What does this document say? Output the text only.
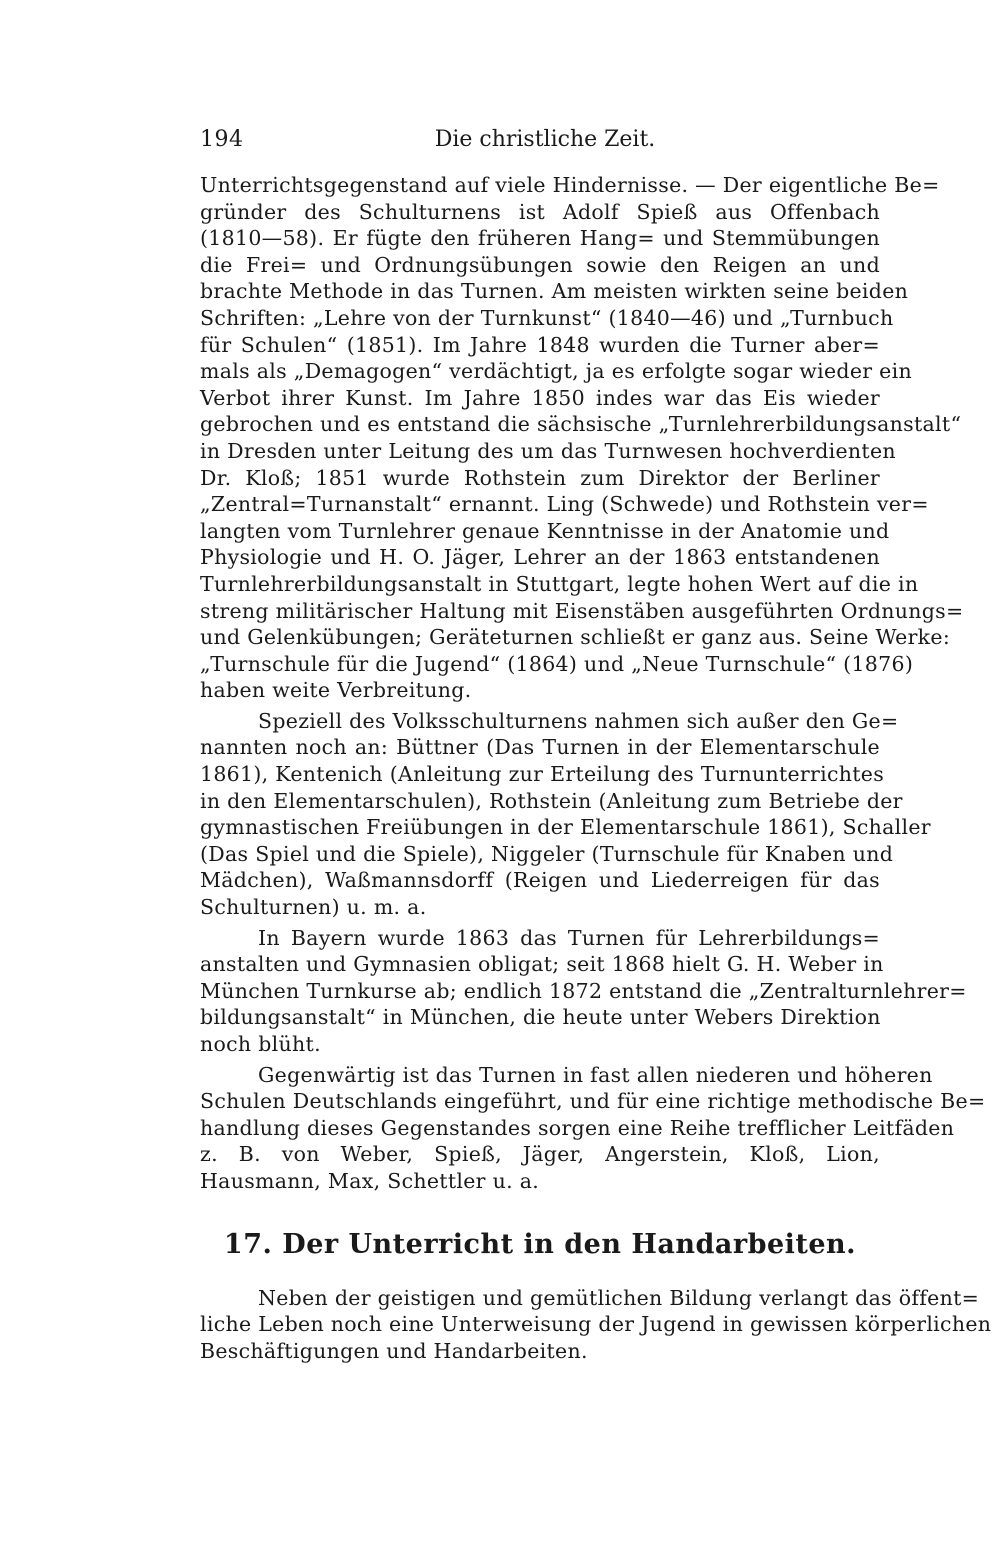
194	Die christliche Zeit.
Unterrichtsgegenstand auf viele Hindernisse. — Der eigentliche Be=
gründer des Schulturnens ist Adolf Spieß aus Offenbach
(1810—58). Er fügte den früheren Hang= und Stemmübungen
die Frei= und Ordnungsübungen sowie den Reigen an und
brachte Methode in das Turnen. Am meisten wirkten seine beiden
Schriften: „Lehre von der Turnkunst“ (1840—46) und „Turnbuch
für Schulen“ (1851). Im Jahre 1848 wurden die Turner aber=
mals als „Demagogen“ verdächtigt, ja es erfolgte sogar wieder ein
Verbot ihrer Kunst. Im Jahre 1850 indes war das Eis wieder
gebrochen und es entstand die sächsische „Turnlehrerbildungsanstalt“
in Dresden unter Leitung des um das Turnwesen hochverdienten
Dr. Kloß; 1851 wurde Rothstein zum Direktor der Berliner
„Zentral=Turnanstalt“ ernannt. Ling (Schwede) und Rothstein ver=
langten vom Turnlehrer genaue Kenntnisse in der Anatomie und
Physiologie und H. O. Jäger, Lehrer an der 1863 entstandenen
Turnlehrerbildungsanstalt in Stuttgart, legte hohen Wert auf die in
streng militärischer Haltung mit Eisenstäben ausgeführten Ordnungs=
und Gelenkübungen; Geräteturnen schließt er ganz aus. Seine Werke:
„Turnschule für die Jugend“ (1864) und „Neue Turnschule“ (1876)
haben weite Verbreitung.
Speziell des Volksschulturnens nahmen sich außer den Ge=
nannten noch an: Büttner (Das Turnen in der Elementarschule
1861), Kentenich (Anleitung zur Erteilung des Turnunterrichtes
in den Elementarschulen), Rothstein (Anleitung zum Betriebe der
gymnastischen Freiübungen in der Elementarschule 1861), Schaller
(Das Spiel und die Spiele), Niggeler (Turnschule für Knaben und
Mädchen), Waßmannsdorff (Reigen und Liederreigen für das
Schulturnen) u. m. a.
In Bayern wurde 1863 das Turnen für Lehrerbildungs=
anstalten und Gymnasien obligat; seit 1868 hielt G. H. Weber in
München Turnkurse ab; endlich 1872 entstand die „Zentralturnlehrer=
bildungsanstalt“ in München, die heute unter Webers Direktion
noch blüht.
Gegenwärtig ist das Turnen in fast allen niederen und höheren
Schulen Deutschlands eingeführt, und für eine richtige methodische Be=
handlung dieses Gegenstandes sorgen eine Reihe trefflicher Leitfäden
z. B. von Weber, Spieß, Jäger, Angerstein, Kloß, Lion,
Hausmann, Max, Schettler u. a.
17. Der Unterricht in den Handarbeiten.
Neben der geistigen und gemütlichen Bildung verlangt das öffent=
liche Leben noch eine Unterweisung der Jugend in gewissen körperlichen
Beschäftigungen und Handarbeiten.
